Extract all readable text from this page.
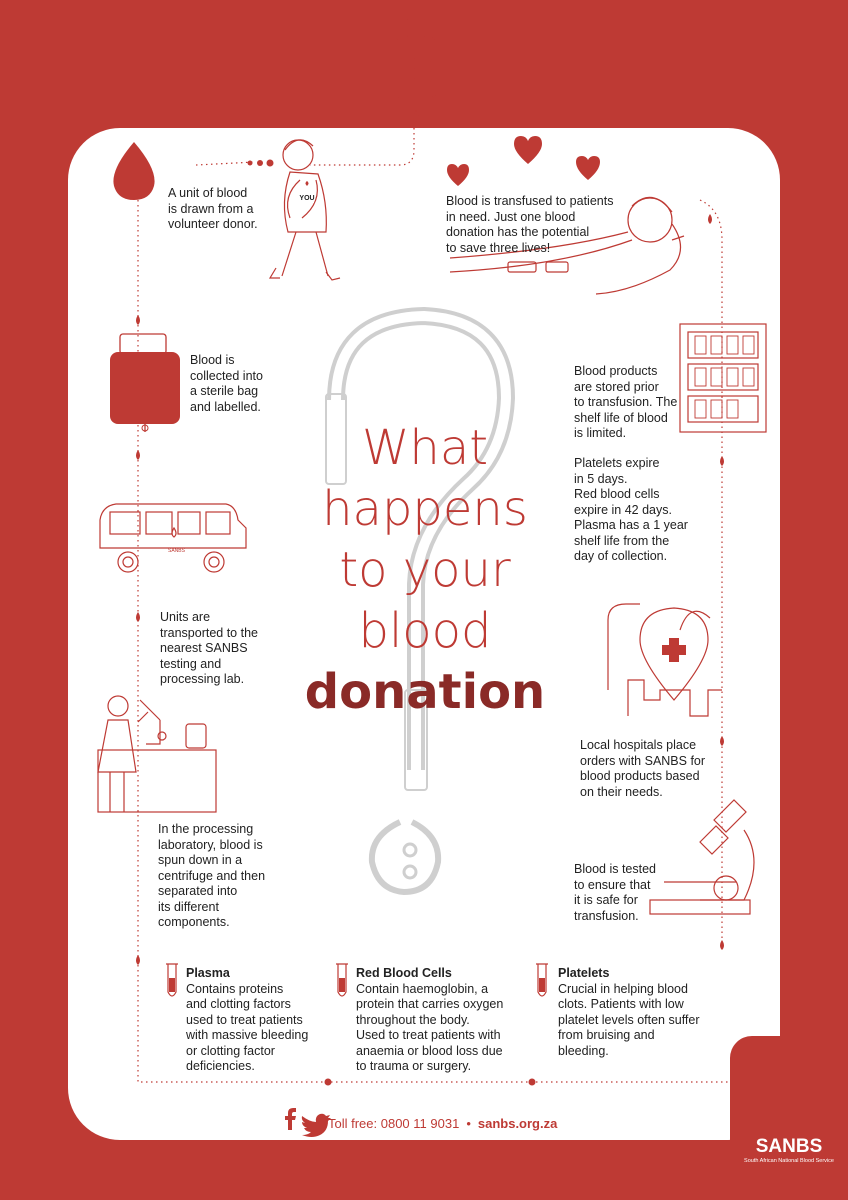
YOU
SANBS
What
happens
to your
blood
donation
A unit of blood
is drawn from a
volunteer donor.
Blood is
collected into
a sterile bag
and labelled.
Units are
transported to the
nearest SANBS
testing and
processing lab.
In the processing
laboratory, blood is
spun down in a
centrifuge and then
separated into
its different
components.
Blood is tested
to ensure that
it is safe for
transfusion.
Local hospitals place
orders with SANBS for
blood products based
on their needs.
Blood products
are stored prior
to transfusion. The
shelf life of blood
is limited.
Platelets expire
in 5 days.
Red blood cells
expire in 42 days.
Plasma has a 1 year
shelf life from the
day of collection.
Blood is transfused to patients
in need. Just one blood
donation has the potential
to save three lives!
Plasma
Contains proteins
and clotting factors
used to treat patients
with massive bleeding
or clotting factor
deficiencies.
Red Blood Cells
Contain haemoglobin, a
protein that carries oxygen
throughout the body.
Used to treat patients with
anaemia or blood loss due
to trauma or surgery.
Platelets
Crucial in helping blood
clots. Patients with low
platelet levels often suffer
from bruising and
bleeding.
Toll free: 0800 11 9031 • sanbs.org.za
SANBS
South African National Blood Service
